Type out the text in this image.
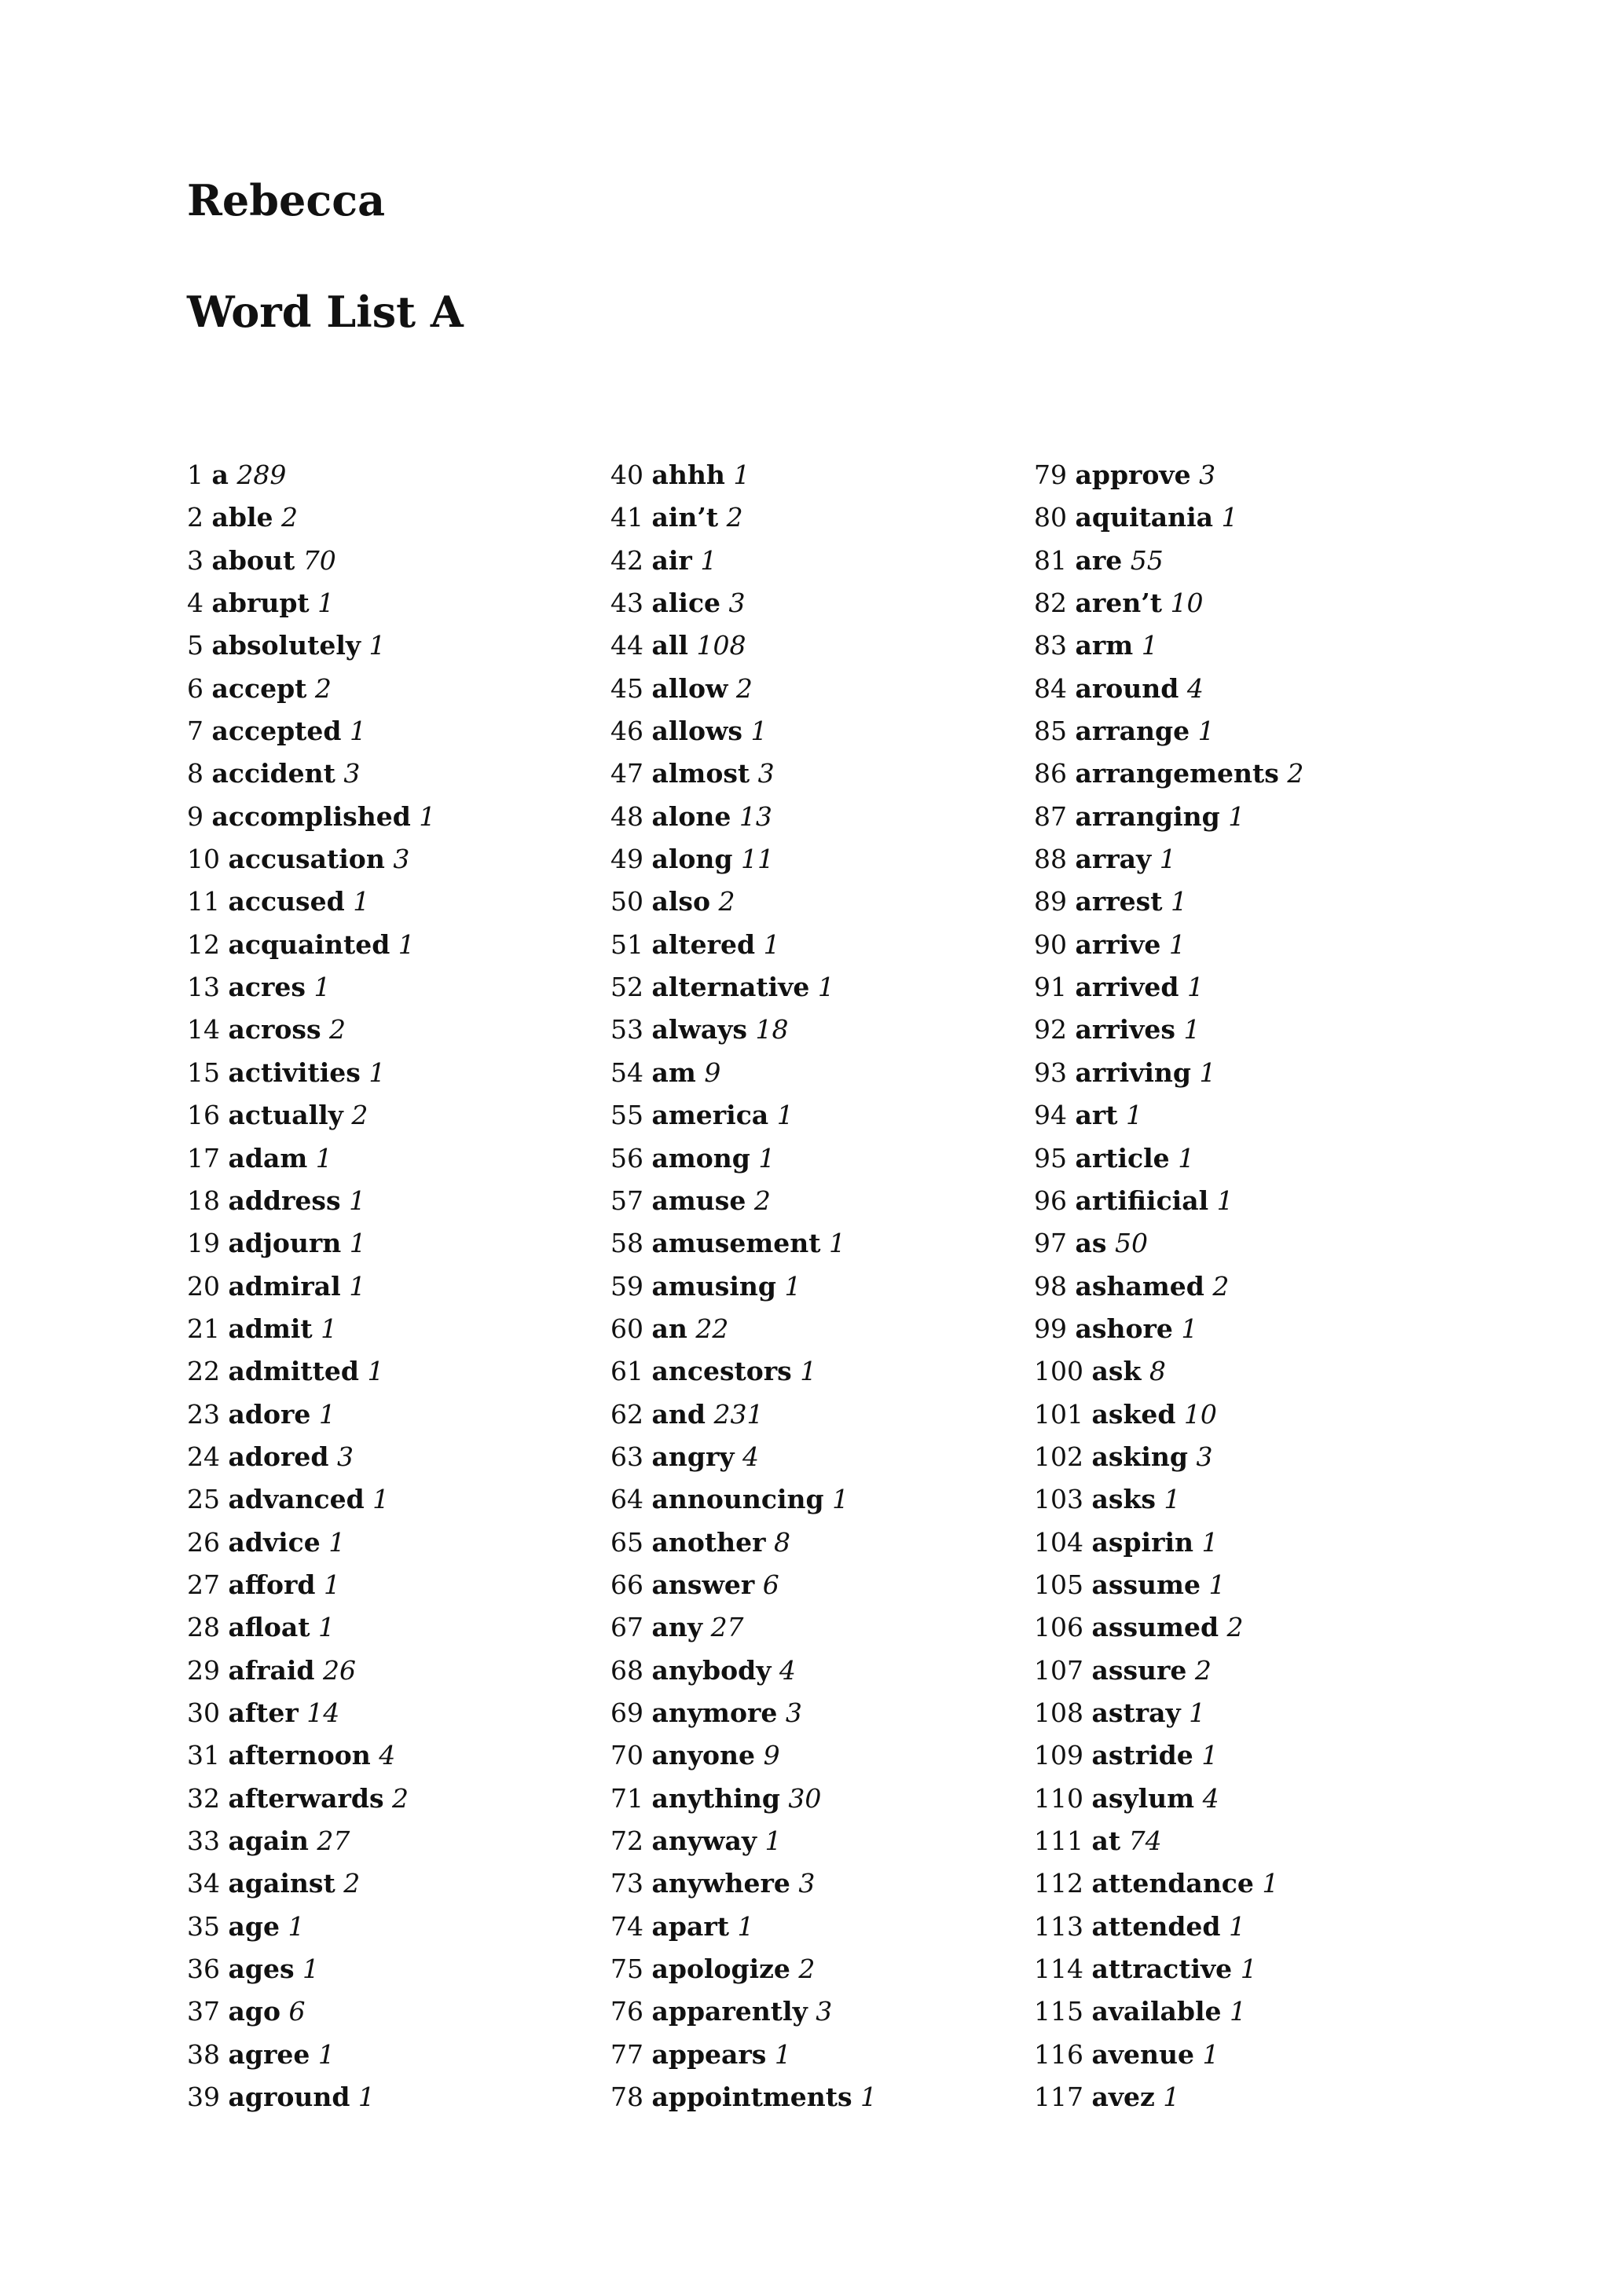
Rebecca
Word List A
1 a 289
2 able 2
3 about 70
4 abrupt 1
5 absolutely 1
6 accept 2
7 accepted 1
8 accident 3
9 accomplished 1
10 accusation 3
11 accused 1
12 acquainted 1
13 acres 1
14 across 2
15 activities 1
16 actually 2
17 adam 1
18 address 1
19 adjourn 1
20 admiral 1
21 admit 1
22 admitted 1
23 adore 1
24 adored 3
25 advanced 1
26 advice 1
27 afford 1
28 afloat 1
29 afraid 26
30 after 14
31 afternoon 4
32 afterwards 2
33 again 27
34 against 2
35 age 1
36 ages 1
37 ago 6
38 agree 1
39 aground 1
40 ahhh 1
41 ain’t 2
42 air 1
43 alice 3
44 all 108
45 allow 2
46 allows 1
47 almost 3
48 alone 13
49 along 11
50 also 2
51 altered 1
52 alternative 1
53 always 18
54 am 9
55 america 1
56 among 1
57 amuse 2
58 amusement 1
59 amusing 1
60 an 22
61 ancestors 1
62 and 231
63 angry 4
64 announcing 1
65 another 8
66 answer 6
67 any 27
68 anybody 4
69 anymore 3
70 anyone 9
71 anything 30
72 anyway 1
73 anywhere 3
74 apart 1
75 apologize 2
76 apparently 3
77 appears 1
78 appointments 1
79 approve 3
80 aquitania 1
81 are 55
82 aren’t 10
83 arm 1
84 around 4
85 arrange 1
86 arrangements 2
87 arranging 1
88 array 1
89 arrest 1
90 arrive 1
91 arrived 1
92 arrives 1
93 arriving 1
94 art 1
95 article 1
96 artifiicial 1
97 as 50
98 ashamed 2
99 ashore 1
100 ask 8
101 asked 10
102 asking 3
103 asks 1
104 aspirin 1
105 assume 1
106 assumed 2
107 assure 2
108 astray 1
109 astride 1
110 asylum 4
111 at 74
112 attendance 1
113 attended 1
114 attractive 1
115 available 1
116 avenue 1
117 avez 1
